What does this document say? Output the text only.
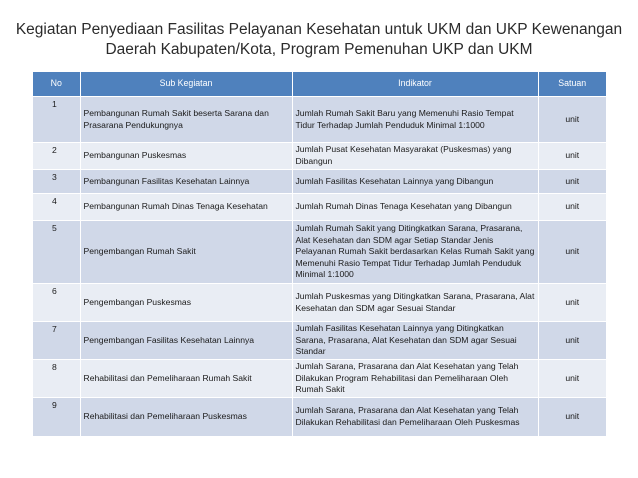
Kegiatan Penyediaan Fasilitas Pelayanan Kesehatan untuk UKM dan UKP Kewenangan
Daerah Kabupaten/Kota, Program Pemenuhan UKP dan UKM
No	Sub Kegiatan	Indikator	Satuan
1	Pembangunan Rumah Sakit beserta Sarana dan Prasarana Pendukungnya	Jumlah Rumah Sakit Baru yang Memenuhi Rasio Tempat Tidur Terhadap Jumlah Penduduk Minimal 1:1000	unit
2	Pembangunan Puskesmas	Jumlah Pusat Kesehatan Masyarakat (Puskesmas) yang Dibangun	unit
3	Pembangunan Fasilitas Kesehatan Lainnya	Jumlah Fasilitas Kesehatan Lainnya yang Dibangun	unit
4	Pembangunan Rumah Dinas Tenaga Kesehatan	Jumlah Rumah Dinas Tenaga Kesehatan yang Dibangun	unit
5	Pengembangan Rumah Sakit	Jumlah Rumah Sakit yang Ditingkatkan Sarana, Prasarana, Alat Kesehatan dan SDM agar Setiap Standar Jenis Pelayanan Rumah Sakit berdasarkan Kelas Rumah Sakit yang Memenuhi Rasio Tempat Tidur Terhadap Jumlah Penduduk Minimal 1:1000	unit
6	Pengembangan Puskesmas	Jumlah Puskesmas yang Ditingkatkan Sarana, Prasarana, Alat Kesehatan dan SDM agar Sesuai Standar	unit
7	Pengembangan Fasilitas Kesehatan Lainnya	Jumlah Fasilitas Kesehatan Lainnya yang Ditingkatkan Sarana, Prasarana, Alat Kesehatan dan SDM agar Sesuai Standar	unit
8	Rehabilitasi dan Pemeliharaan Rumah Sakit	Jumlah Sarana, Prasarana dan Alat Kesehatan yang Telah Dilakukan Program Rehabilitasi dan Pemeliharaan Oleh Rumah Sakit	unit
9	Rehabilitasi dan Pemeliharaan Puskesmas	Jumlah Sarana, Prasarana dan Alat Kesehatan yang Telah Dilakukan Rehabilitasi dan Pemeliharaan Oleh Puskesmas	unit
